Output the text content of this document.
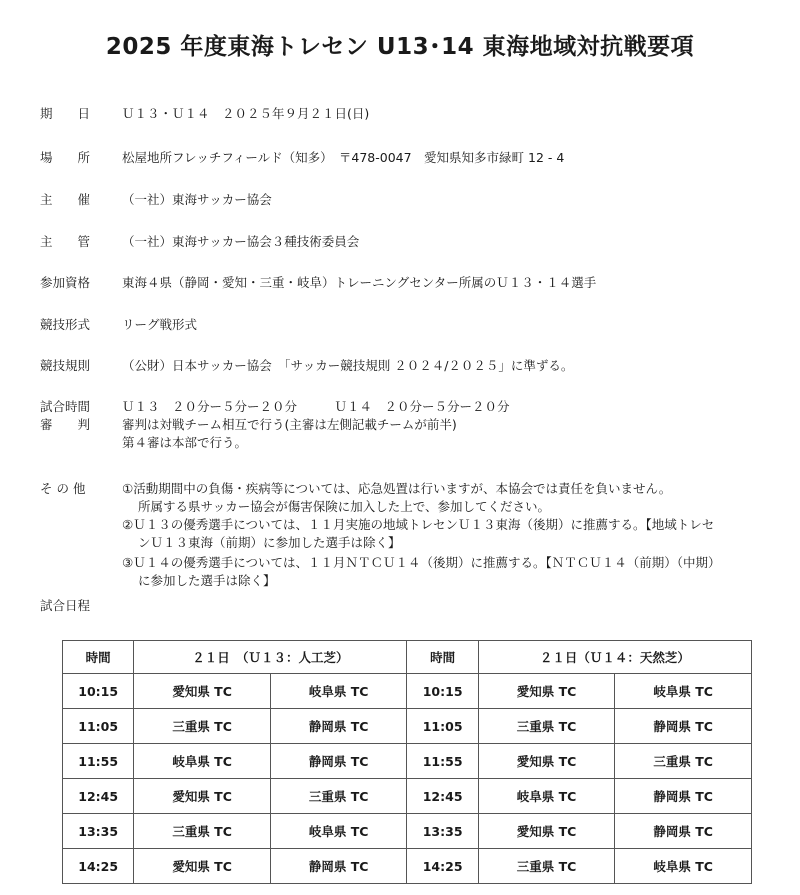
2025 年度東海トレセン U13･14 東海地域対抗戦要項
期　　日	Ｕ１３・Ｕ１４　２０２５年９月２１日(日)
場　　所	松屋地所フレッチフィールド（知多）　〒478-0047　愛知県知多市緑町 12 - 4
主　　催	（一社）東海サッカー協会
主　　管	（一社）東海サッカー協会３種技術委員会
参加資格	東海４県（静岡・愛知・三重・岐阜）トレーニングセンター所属のＵ１３・１４選手
競技形式	リーグ戦形式
競技規則	（公財）日本サッカー協会　「サッカー競技規則 ２０２４/２０２５」に準ずる。
試合時間	Ｕ１３　２０分ー５分ー２０分　　　Ｕ１４　２０分ー５分ー２０分
審　　判	審判は対戦チーム相互で行う(主審は左側記載チームが前半)
第４審は本部で行う。
そ の 他	①活動期間中の負傷・疾病等については、応急処置は行いますが、本協会では責任を負いません。
所属する県サッカー協会が傷害保険に加入した上で、参加してください。
②Ｕ１３の優秀選手については、１１月実施の地域トレセンＵ１３東海（後期）に推薦する。【地域トレセ
ンＵ１３東海（前期）に参加した選手は除く】
③Ｕ１４の優秀選手については、１１月ＮＴＣＵ１４（後期）に推薦する。【ＮＴＣＵ１４（前期）（中期）
に参加した選手は除く】
試合日程
時間	２１日　（Ｕ１３：人工芝）		時間	２１日（Ｕ１４：天然芝）	
10:15	愛知県 TC	岐阜県 TC	10:15	愛知県 TC	岐阜県 TC
11:05	三重県 TC	静岡県 TC	11:05	三重県 TC	静岡県 TC
11:55	岐阜県 TC	静岡県 TC	11:55	愛知県 TC	三重県 TC
12:45	愛知県 TC	三重県 TC	12:45	岐阜県 TC	静岡県 TC
13:35	三重県 TC	岐阜県 TC	13:35	愛知県 TC	静岡県 TC
14:25	愛知県 TC	静岡県 TC	14:25	三重県 TC	岐阜県 TC
